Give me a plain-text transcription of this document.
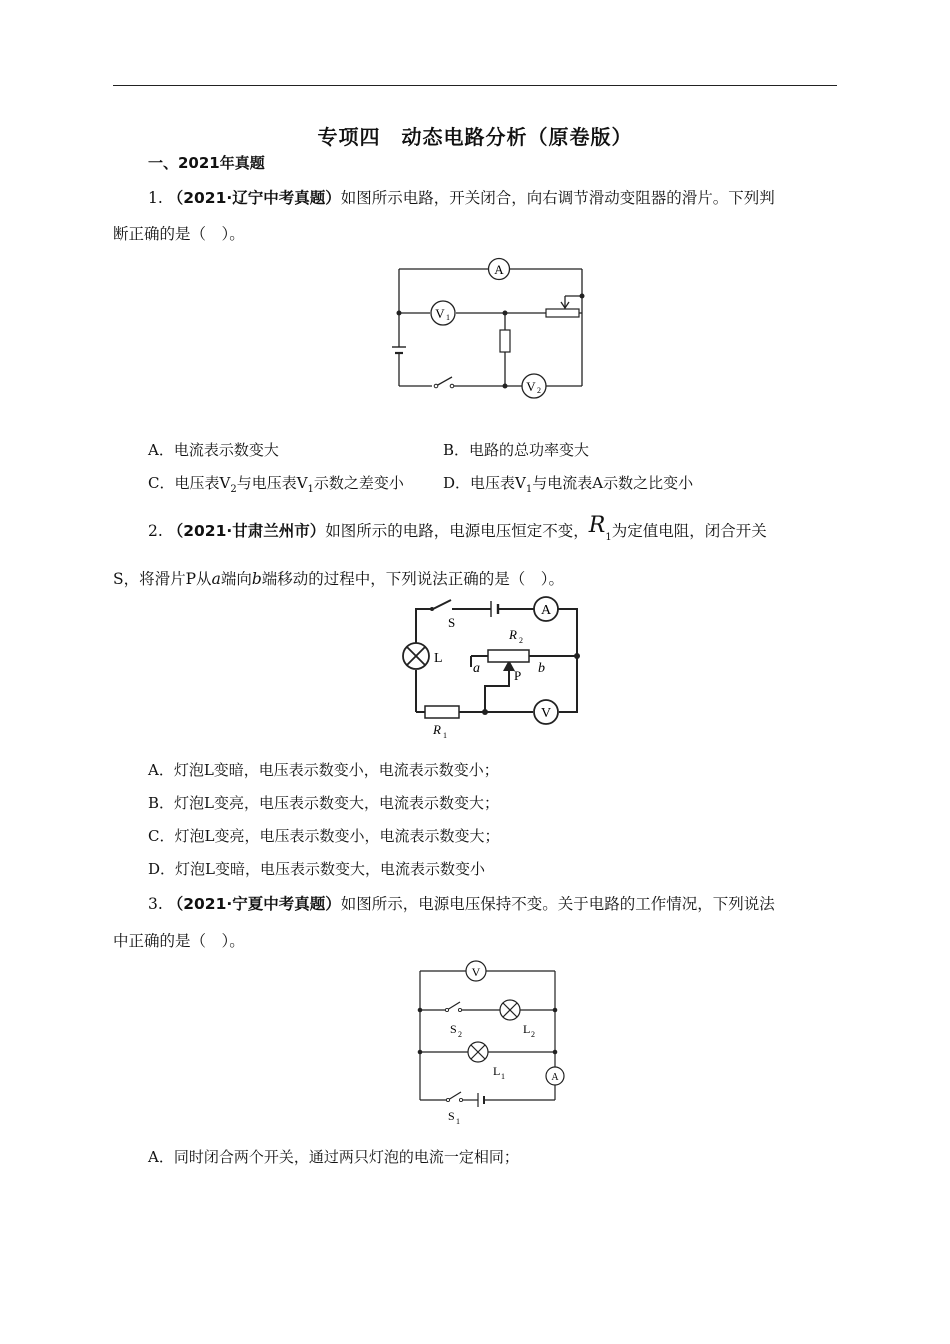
专项四　动态电路分析（原卷版）
一、2021年真题
1. （2021·辽宁中考真题）如图所示电路，开关闭合，向右调节滑动变阻器的滑片。下列判
断正确的是（　）。
A
V 1
V 2
A．电流表示数变大	B．电路的总功率变大
C．电压表$V_2$与电压表$V_1$示数之差变小	D．电压表$V_1$与电流表A示数之比变小
2. （2021·甘肃兰州市）如图所示的电路，电源电压恒定不变，$R_1$为定值电阻，闭合开关
S，将滑片P从a端向b端移动的过程中，下列说法正确的是（　）。
A
V
L
S
R 2
a	b
P
R 1
A．灯泡L变暗，电压表示数变小，电流表示数变小；
B．灯泡L变亮，电压表示数变大，电流表示数变大；
C．灯泡L变亮，电压表示数变小，电流表示数变大；
D．灯泡L变暗，电压表示数变大，电流表示数变小
3. （2021·宁夏中考真题）如图所示，电源电压保持不变。关于电路的工作情况，下列说法
中正确的是（　）。
V
A
S 2	L 2
L 1
S 1
A．同时闭合两个开关，通过两只灯泡的电流一定相同；
